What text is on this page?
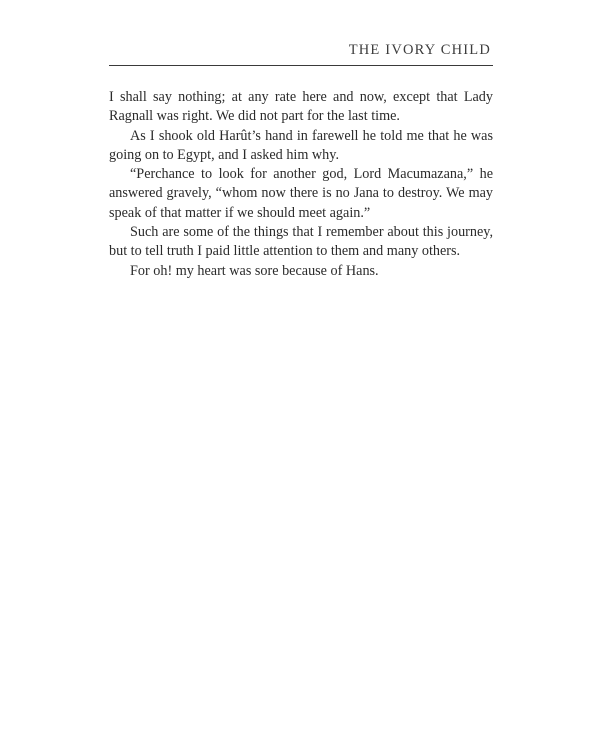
THE IVORY CHILD

I shall say nothing; at any rate here and now, except that Lady Ragnall was right. We did not part for the last time.

As I shook old Harût’s hand in farewell he told me that he was going on to Egypt, and I asked him why.

“Perchance to look for another god, Lord Macumazana,” he answered gravely, “whom now there is no Jana to destroy. We may speak of that matter if we should meet again.”

Such are some of the things that I remember about this journey, but to tell truth I paid little attention to them and many others.

For oh! my heart was sore because of Hans.
